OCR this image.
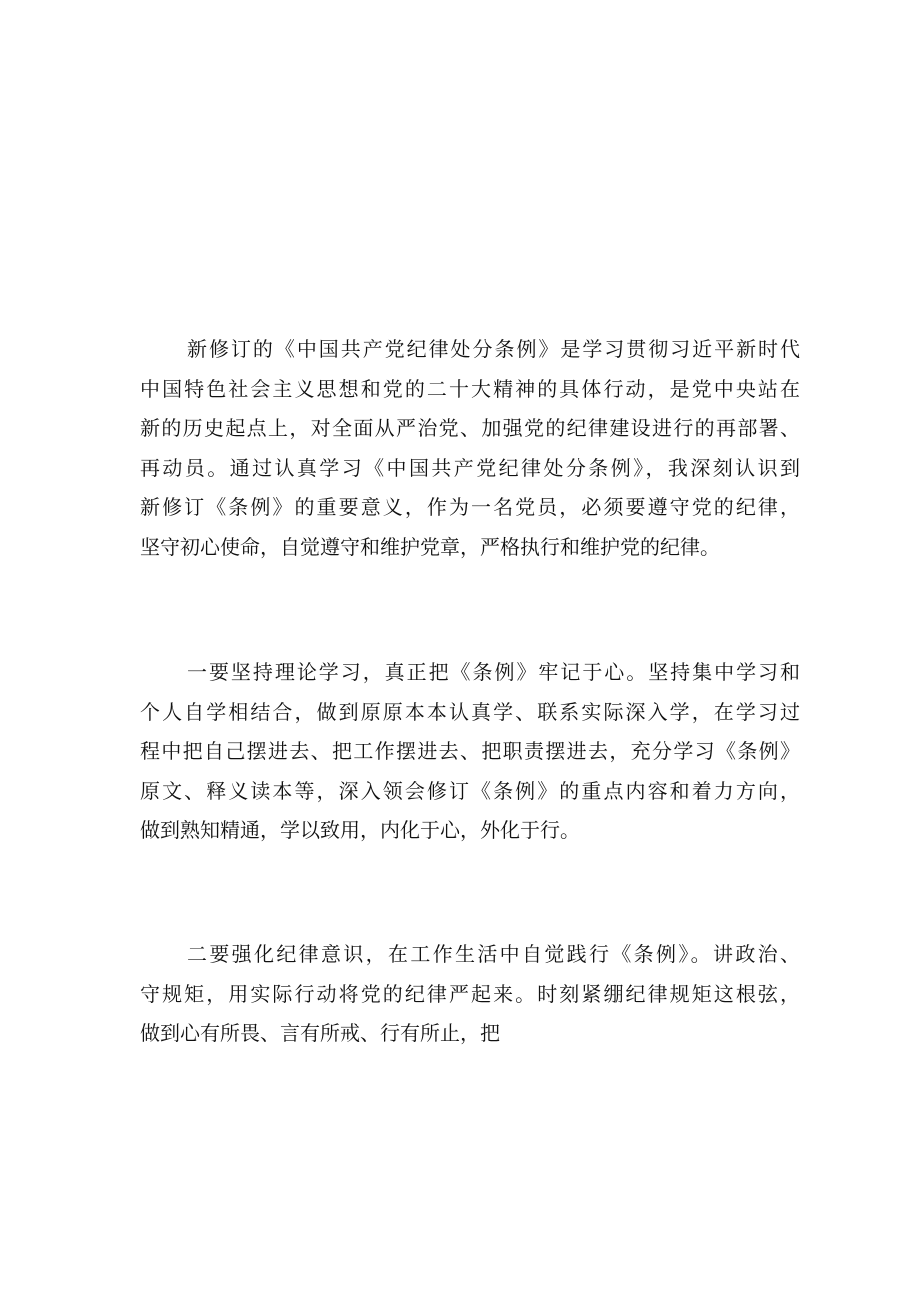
新修订的《中国共产党纪律处分条例》是学习贯彻习近平新时代
中国特色社会主义思想和党的二十大精神的具体行动，是党中央站在
新的历史起点上，对全面从严治党、加强党的纪律建设进行的再部署、
再动员。通过认真学习《中国共产党纪律处分条例》，我深刻认识到
新修订《条例》的重要意义，作为一名党员，必须要遵守党的纪律，
坚守初心使命，自觉遵守和维护党章，严格执行和维护党的纪律。

一要坚持理论学习，真正把《条例》牢记于心。坚持集中学习和
个人自学相结合，做到原原本本认真学、联系实际深入学，在学习过
程中把自己摆进去、把工作摆进去、把职责摆进去，充分学习《条例》
原文、释义读本等，深入领会修订《条例》的重点内容和着力方向，
做到熟知精通，学以致用，内化于心，外化于行。

二要强化纪律意识，在工作生活中自觉践行《条例》。讲政治、
守规矩，用实际行动将党的纪律严起来。时刻紧绷纪律规矩这根弦，
做到心有所畏、言有所戒、行有所止，把
